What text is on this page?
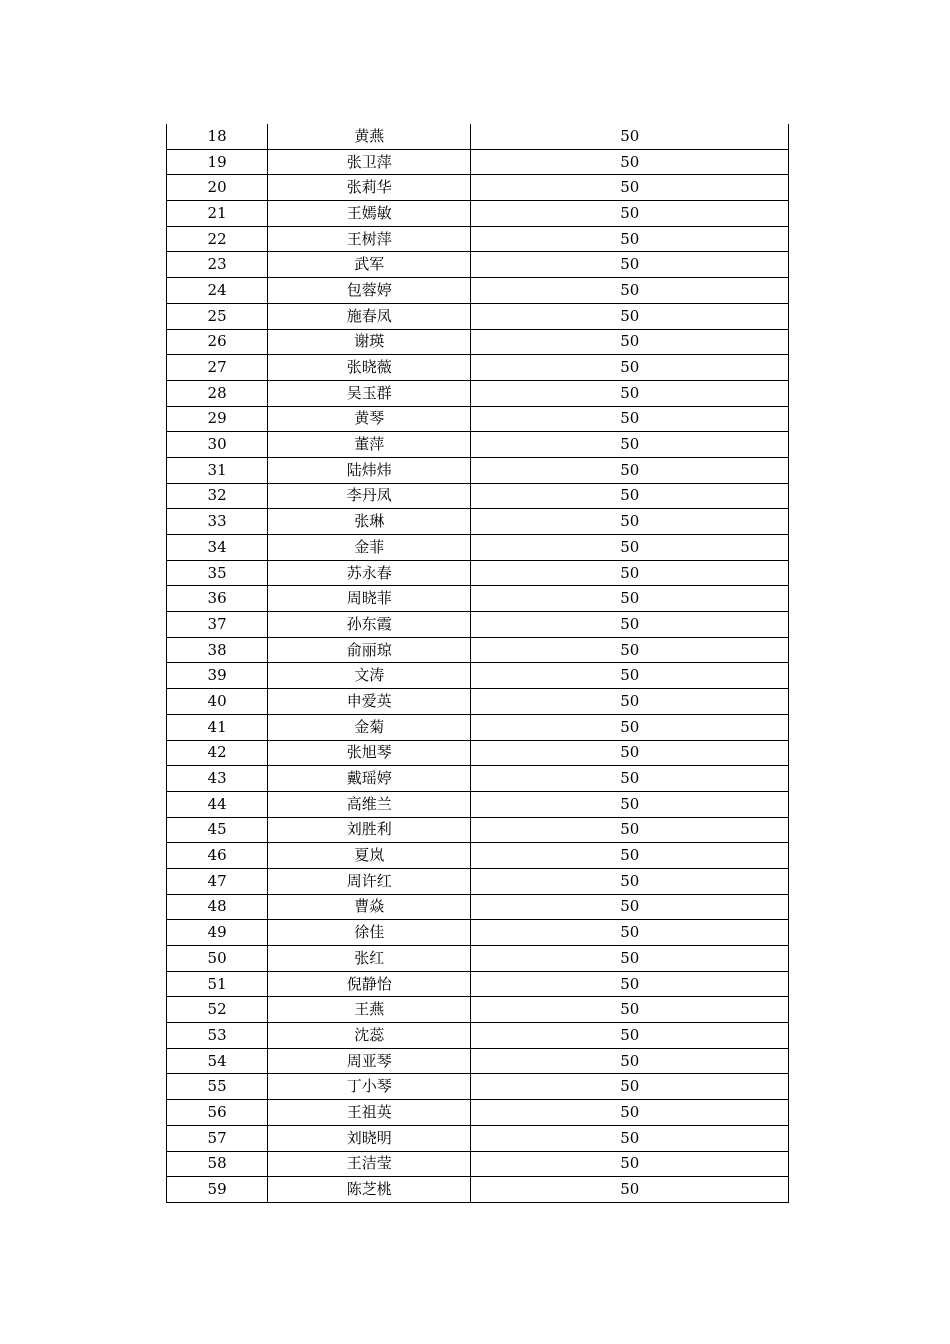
18	黄燕	50
19	张卫萍	50
20	张莉华	50
21	王嫣敏	50
22	王树萍	50
23	武军	50
24	包蓉婷	50
25	施春凤	50
26	谢瑛	50
27	张晓薇	50
28	吴玉群	50
29	黄琴	50
30	董萍	50
31	陆炜炜	50
32	李丹凤	50
33	张琳	50
34	金菲	50
35	苏永春	50
36	周晓菲	50
37	孙东霞	50
38	俞丽琼	50
39	文涛	50
40	申爱英	50
41	金菊	50
42	张旭琴	50
43	戴瑶婷	50
44	高维兰	50
45	刘胜利	50
46	夏岚	50
47	周许红	50
48	曹焱	50
49	徐佳	50
50	张红	50
51	倪静怡	50
52	王燕	50
53	沈蕊	50
54	周亚琴	50
55	丁小琴	50
56	王祖英	50
57	刘晓明	50
58	王洁莹	50
59	陈芝桃	50
